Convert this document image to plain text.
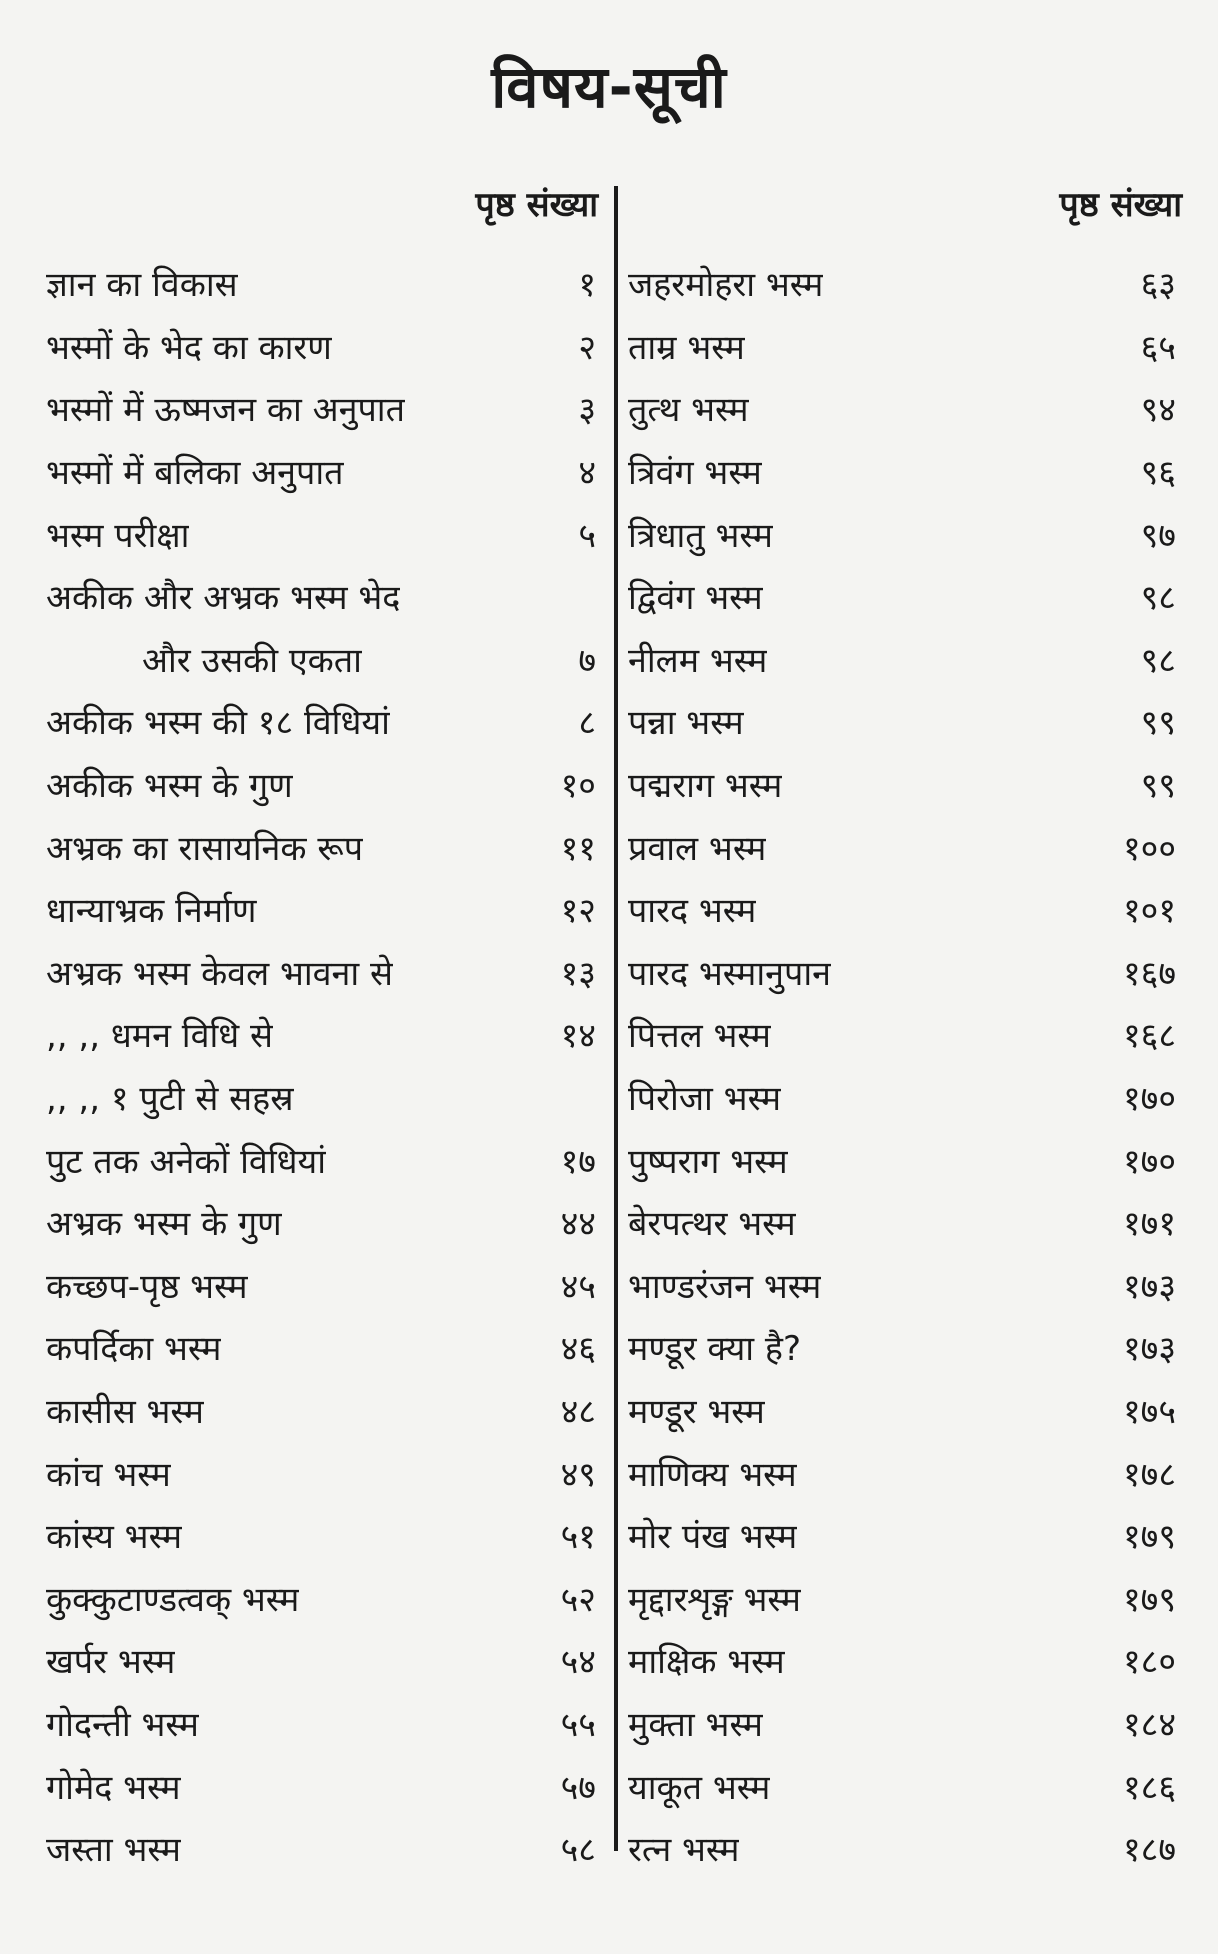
विषय-सूची
पृष्ठ संख्या	पृष्ठ संख्या
ज्ञान का विकास	१
भस्मों के भेद का कारण	२
भस्मों में ऊष्मजन का अनुपात	३
भस्मों में बलिका अनुपात	४
भस्म परीक्षा	५
अकीक और अभ्रक भस्म भेद
और उसकी एकता	७
अकीक भस्म की १८ विधियां	८
अकीक भस्म के गुण	१०
अभ्रक का रासायनिक रूप	११
धान्याभ्रक निर्माण	१२
अभ्रक भस्म केवल भावना से	१३
,, ,, धमन विधि से	१४
,, ,, १ पुटी से सहस्र
पुट तक अनेकों विधियां	१७
अभ्रक भस्म के गुण	४४
कच्छप-पृष्ठ भस्म	४५
कपर्दिका भस्म	४६
कासीस भस्म	४८
कांच भस्म	४९
कांस्य भस्म	५१
कुक्कुटाण्डत्वक् भस्म	५२
खर्पर भस्म	५४
गोदन्ती भस्म	५५
गोमेद भस्म	५७
जस्ता भस्म	५८
जहरमोहरा भस्म	६३
ताम्र भस्म	६५
तुत्थ भस्म	९४
त्रिवंग भस्म	९६
त्रिधातु भस्म	९७
द्विवंग भस्म	९८
नीलम भस्म	९८
पन्ना भस्म	९९
पद्मराग भस्म	९९
प्रवाल भस्म	१००
पारद भस्म	१०१
पारद भस्मानुपान	१६७
पित्तल भस्म	१६८
पिरोजा भस्म	१७०
पुष्पराग भस्म	१७०
बेरपत्थर भस्म	१७१
भाण्डरंजन भस्म	१७३
मण्डूर क्या है?	१७३
मण्डूर भस्म	१७५
माणिक्य भस्म	१७८
मोर पंख भस्म	१७९
मृद्दारशृङ्ग भस्म	१७९
माक्षिक भस्म	१८०
मुक्ता भस्म	१८४
याकूत भस्म	१८६
रत्न भस्म	१८७
